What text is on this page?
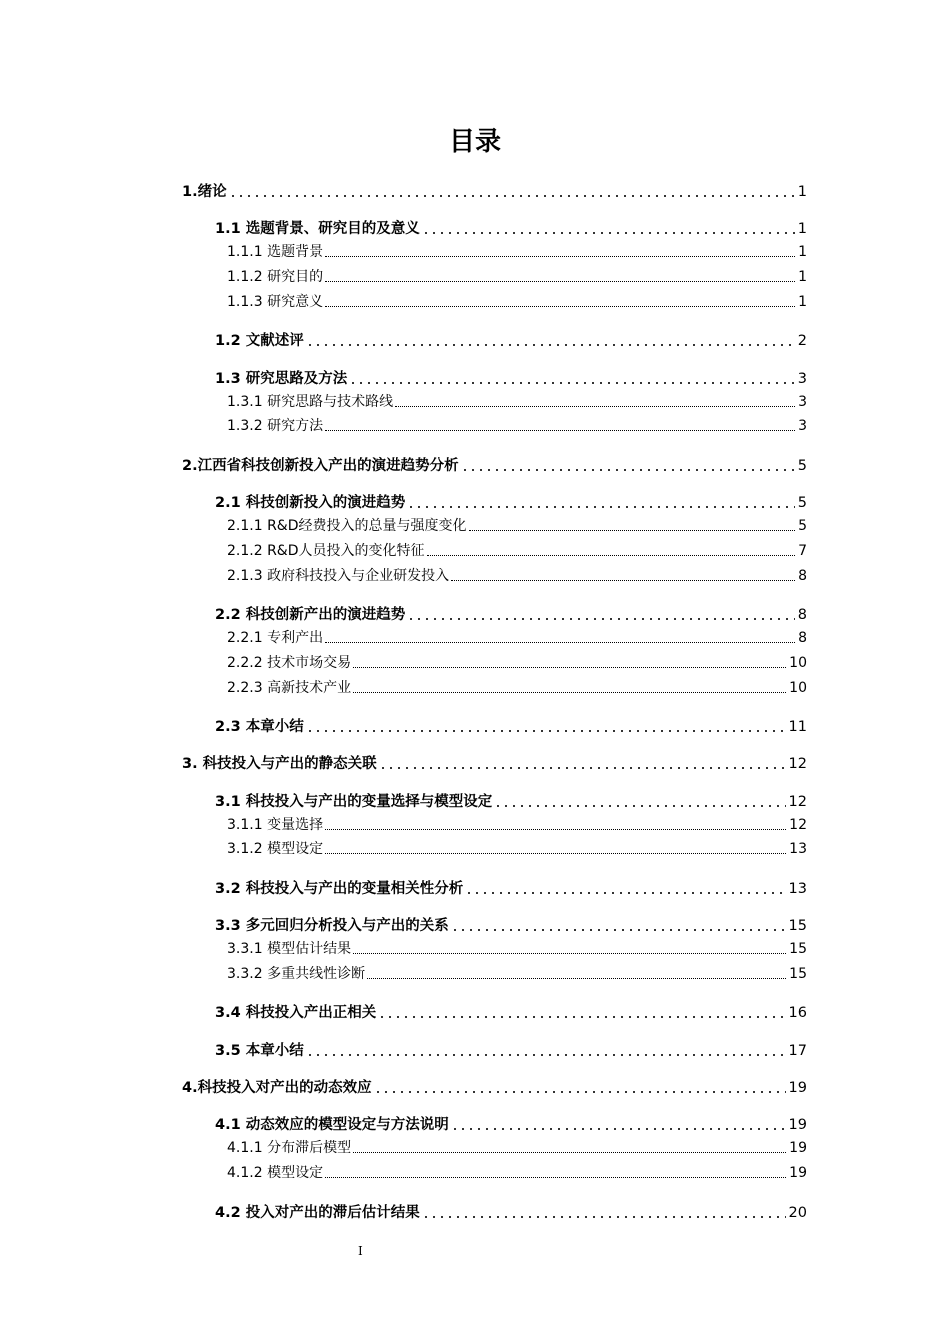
目录
1.绪论	1
1.1 选题背景、研究目的及意义	1
1.1.1 选题背景	1
1.1.2 研究目的	1
1.1.3 研究意义	1
1.2 文献述评	2
1.3 研究思路及方法	3
1.3.1 研究思路与技术路线	3
1.3.2 研究方法	3
2.江西省科技创新投入产出的演进趋势分析	5
2.1 科技创新投入的演进趋势	5
2.1.1 R&D经费投入的总量与强度变化	5
2.1.2 R&D人员投入的变化特征	7
2.1.3 政府科技投入与企业研发投入	8
2.2 科技创新产出的演进趋势	8
2.2.1 专利产出	8
2.2.2 技术市场交易	10
2.2.3 高新技术产业	10
2.3 本章小结	11
3. 科技投入与产出的静态关联	12
3.1 科技投入与产出的变量选择与模型设定	12
3.1.1 变量选择	12
3.1.2 模型设定	13
3.2 科技投入与产出的变量相关性分析	13
3.3 多元回归分析投入与产出的关系	15
3.3.1 模型估计结果	15
3.3.2 多重共线性诊断	15
3.4 科技投入产出正相关	16
3.5 本章小结	17
4.科技投入对产出的动态效应	19
4.1 动态效应的模型设定与方法说明	19
4.1.1 分布滞后模型	19
4.1.2 模型设定	19
4.2 投入对产出的滞后估计结果	20
I
